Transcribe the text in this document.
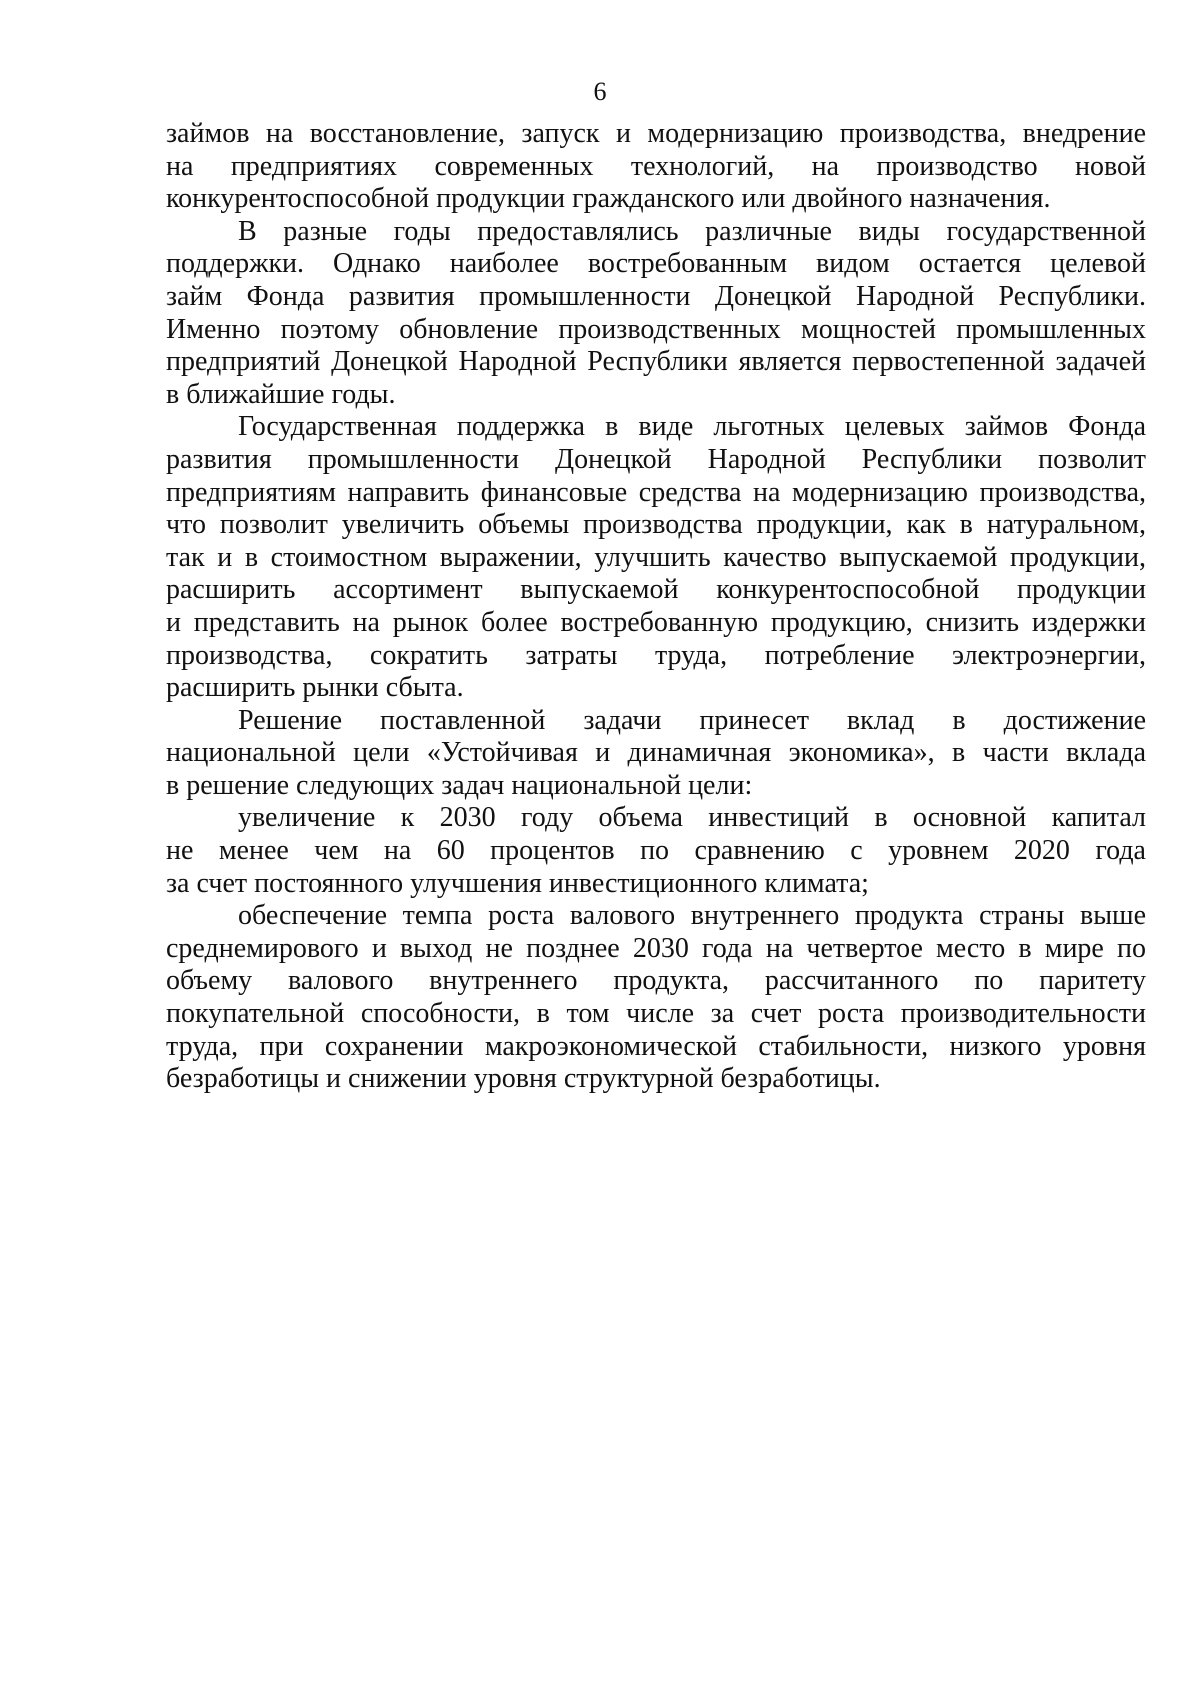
6

займов на восстановление, запуск и модернизацию производства, внедрение
на предприятиях современных технологий, на производство новой
конкурентоспособной продукции гражданского или двойного назначения.

В разные годы предоставлялись различные виды государственной
поддержки. Однако наиболее востребованным видом остается целевой
займ Фонда развития промышленности Донецкой Народной Республики.
Именно поэтому обновление производственных мощностей промышленных
предприятий Донецкой Народной Республики является первостепенной задачей
в ближайшие годы.

Государственная поддержка в виде льготных целевых займов Фонда
развития промышленности Донецкой Народной Республики позволит
предприятиям направить финансовые средства на модернизацию производства,
что позволит увеличить объемы производства продукции, как в натуральном,
так и в стоимостном выражении, улучшить качество выпускаемой продукции,
расширить ассортимент выпускаемой конкурентоспособной продукции
и представить на рынок более востребованную продукцию, снизить издержки
производства, сократить затраты труда, потребление электроэнергии,
расширить рынки сбыта.

Решение поставленной задачи принесет вклад в достижение
национальной цели «Устойчивая и динамичная экономика», в части вклада
в решение следующих задач национальной цели:

увеличение к 2030 году объема инвестиций в основной капитал
не менее чем на 60 процентов по сравнению с уровнем 2020 года
за счет постоянного улучшения инвестиционного климата;

обеспечение темпа роста валового внутреннего продукта страны выше
среднемирового и выход не позднее 2030 года на четвертое место в мире по
объему валового внутреннего продукта, рассчитанного по паритету
покупательной способности, в том числе за счет роста производительности
труда, при сохранении макроэкономической стабильности, низкого уровня
безработицы и снижении уровня структурной безработицы.
